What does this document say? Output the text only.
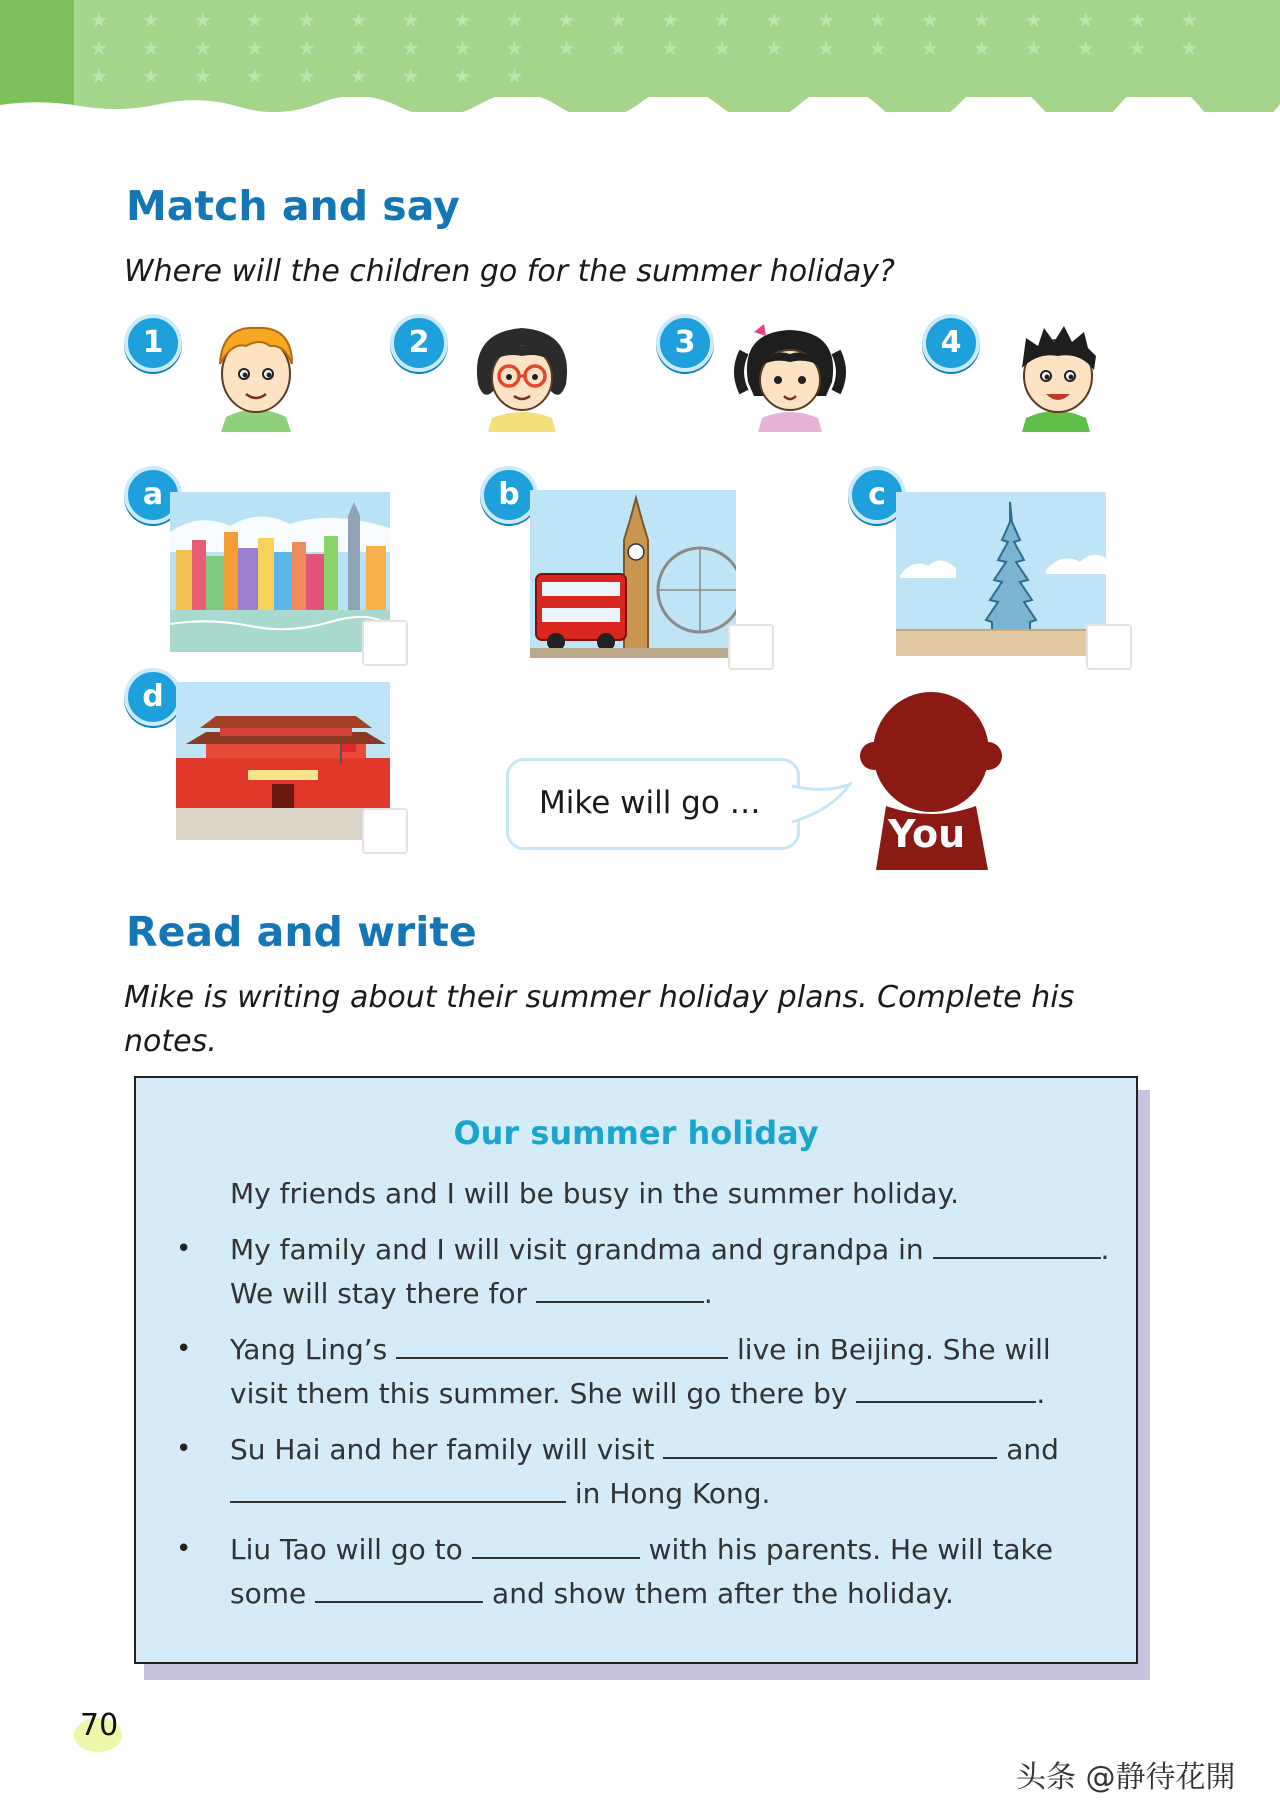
★★★★★★★★★★★★★★★★★★★★★★★★★★★★★★★★★★★★★★★★★★★★★★★★★★★★★
Match and say
Where will the children go for the summer holiday?
1	2	3	4
a	b	c
d
Mike will go …
You
Read and write
Mike is writing about their summer holiday plans. Complete his
notes.
Our summer holiday
My friends and I will be busy in the summer holiday.
• My family and I will visit grandma and grandpa in	.
We will stay there for	.
• Yang Ling’s	live in Beijing. She will
visit them this summer. She will go there by	.
• Su Hai and her family will visit	and
in Hong Kong.
• Liu Tao will go to	with his parents. He will take
some	and show them after the holiday.
70
头条 @静待花開
